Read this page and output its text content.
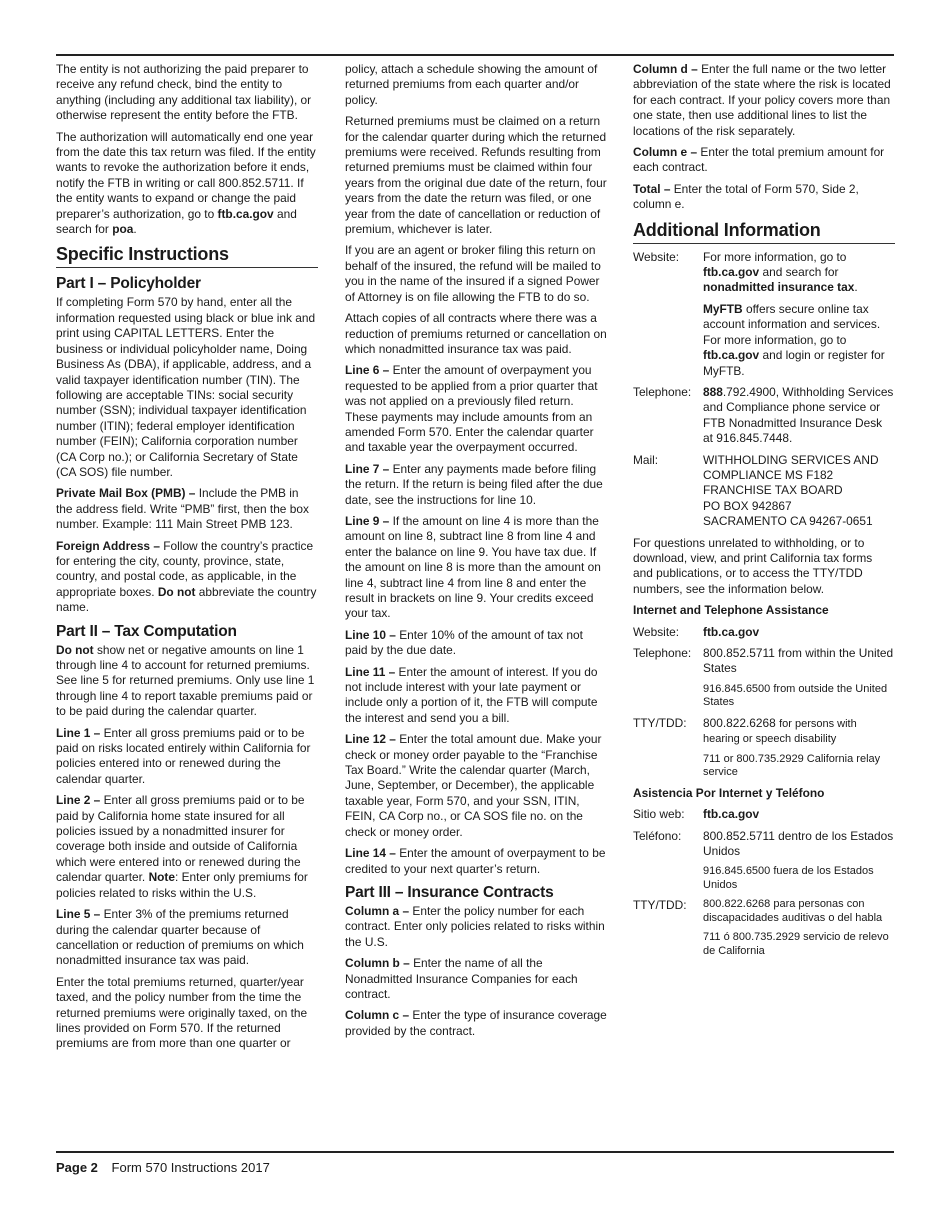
The entity is not authorizing the paid preparer to receive any refund check, bind the entity to anything (including any additional tax liability), or otherwise represent the entity before the FTB.

The authorization will automatically end one year from the date this tax return was filed. If the entity wants to revoke the authorization before it ends, notify the FTB in writing or call 800.852.5711. If the entity wants to expand or change the paid preparer’s authorization, go to ftb.ca.gov and search for poa.

Specific Instructions
Part I – Policyholder

If completing Form 570 by hand, enter all the information requested using black or blue ink and print using CAPITAL LETTERS. Enter the business or individual policyholder name, Doing Business As (DBA), if applicable, address, and a valid taxpayer identification number (TIN). The following are acceptable TINs: social security number (SSN); individual taxpayer identification number (ITIN); federal employer identification number (FEIN); California corporation number (CA Corp no.); or California Secretary of State (CA SOS) file number.

Private Mail Box (PMB) – Include the PMB in the address field. Write “PMB” first, then the box number. Example: 111 Main Street PMB 123.

Foreign Address – Follow the country’s practice for entering the city, county, province, state, country, and postal code, as applicable, in the appropriate boxes. Do not abbreviate the country name.

Part II – Tax Computation

Do not show net or negative amounts on line 1 through line 4 to account for returned premiums. See line 5 for returned premiums. Only use line 1 through line 4 to report taxable premiums paid or to be paid during the calendar quarter.

Line 1 – Enter all gross premiums paid or to be paid on risks located entirely within California for policies entered into or renewed during the calendar quarter.

Line 2 – Enter all gross premiums paid or to be paid by California home state insured for all policies issued by a nonadmitted insurer for coverage both inside and outside of California which were entered into or renewed during the calendar quarter. Note: Enter only premiums for policies related to risks within the U.S.

Line 5 – Enter 3% of the premiums returned during the calendar quarter because of cancellation or reduction of premiums on which nonadmitted insurance tax was paid.

Enter the total premiums returned, quarter/year taxed, and the policy number from the time the returned premiums were originally taxed, on the lines provided on Form 570. If the returned premiums are from more than one quarter or

policy, attach a schedule showing the amount of returned premiums from each quarter and/or policy.

Returned premiums must be claimed on a return for the calendar quarter during which the returned premiums were received. Refunds resulting from returned premiums must be claimed within four years from the original due date of the return, four years from the date the return was filed, or one year from the date of cancellation or reduction of premium, whichever is later.

If you are an agent or broker filing this return on behalf of the insured, the refund will be mailed to you in the name of the insured if a signed Power of Attorney is on file allowing the FTB to do so.

Attach copies of all contracts where there was a reduction of premiums returned or cancellation on which nonadmitted insurance tax was paid.

Line 6 – Enter the amount of overpayment you requested to be applied from a prior quarter that was not applied on a previously filed return. These payments may include amounts from an amended Form 570. Enter the calendar quarter and taxable year the overpayment occurred.

Line 7 – Enter any payments made before filing the return. If the return is being filed after the due date, see the instructions for line 10.

Line 9 – If the amount on line 4 is more than the amount on line 8, subtract line 8 from line 4 and enter the balance on line 9. You have tax due. If the amount on line 8 is more than the amount on line 4, subtract line 4 from line 8 and enter the result in brackets on line 9. Your credits exceed your tax.

Line 10 – Enter 10% of the amount of tax not paid by the due date.

Line 11 – Enter the amount of interest. If you do not include interest with your late payment or include only a portion of it, the FTB will compute the interest and send you a bill.

Line 12 – Enter the total amount due. Make your check or money order payable to the “Franchise Tax Board.” Write the calendar quarter (March, June, September, or December), the applicable taxable year, Form 570, and your SSN, ITIN, FEIN, CA Corp no., or CA SOS file no. on the check or money order.

Line 14 – Enter the amount of overpayment to be credited to your next quarter’s return.

Part III – Insurance Contracts

Column a – Enter the policy number for each contract. Enter only policies related to risks within the U.S.

Column b – Enter the name of all the Nonadmitted Insurance Companies for each contract.

Column c – Enter the type of insurance coverage provided by the contract.

Column d – Enter the full name or the two letter abbreviation of the state where the risk is located for each contract. If your policy covers more than one state, then use additional lines to list the locations of the risk separately.

Column e – Enter the total premium amount for each contract.

Total – Enter the total of Form 570, Side 2, column e.

Additional Information
Website:	For more information, go to ftb.ca.gov and search for nonadmitted insurance tax.
MyFTB offers secure online tax account information and services. For more information, go to ftb.ca.gov and login or register for MyFTB.
Telephone: 888.792.4900, Withholding Services and Compliance phone service or FTB Nonadmitted Insurance Desk at 916.845.7448.
Mail:	WITHHOLDING SERVICES AND
COMPLIANCE MS F182
FRANCHISE TAX BOARD
PO BOX 942867
SACRAMENTO CA 94267-0651

For questions unrelated to withholding, or to download, view, and print California tax forms and publications, or to access the TTY/TDD numbers, see the information below.

Internet and Telephone Assistance
Website:	ftb.ca.gov
Telephone: 800.852.5711 from within the United States
916.845.6500 from outside the United States
TTY/TDD:	800.822.6268 for persons with hearing or speech disability
711 or 800.735.2929 California relay service
Asistencia Por Internet y Teléfono
Sitio web:	ftb.ca.gov
Teléfono:	800.852.5711 dentro de los Estados Unidos
916.845.6500 fuera de los Estados Unidos
TTY/TDD:	800.822.6268 para personas con discapacidades auditivas o del habla
711 ó 800.735.2929 servicio de relevo de California
Page 2 Form 570 Instructions 2017
